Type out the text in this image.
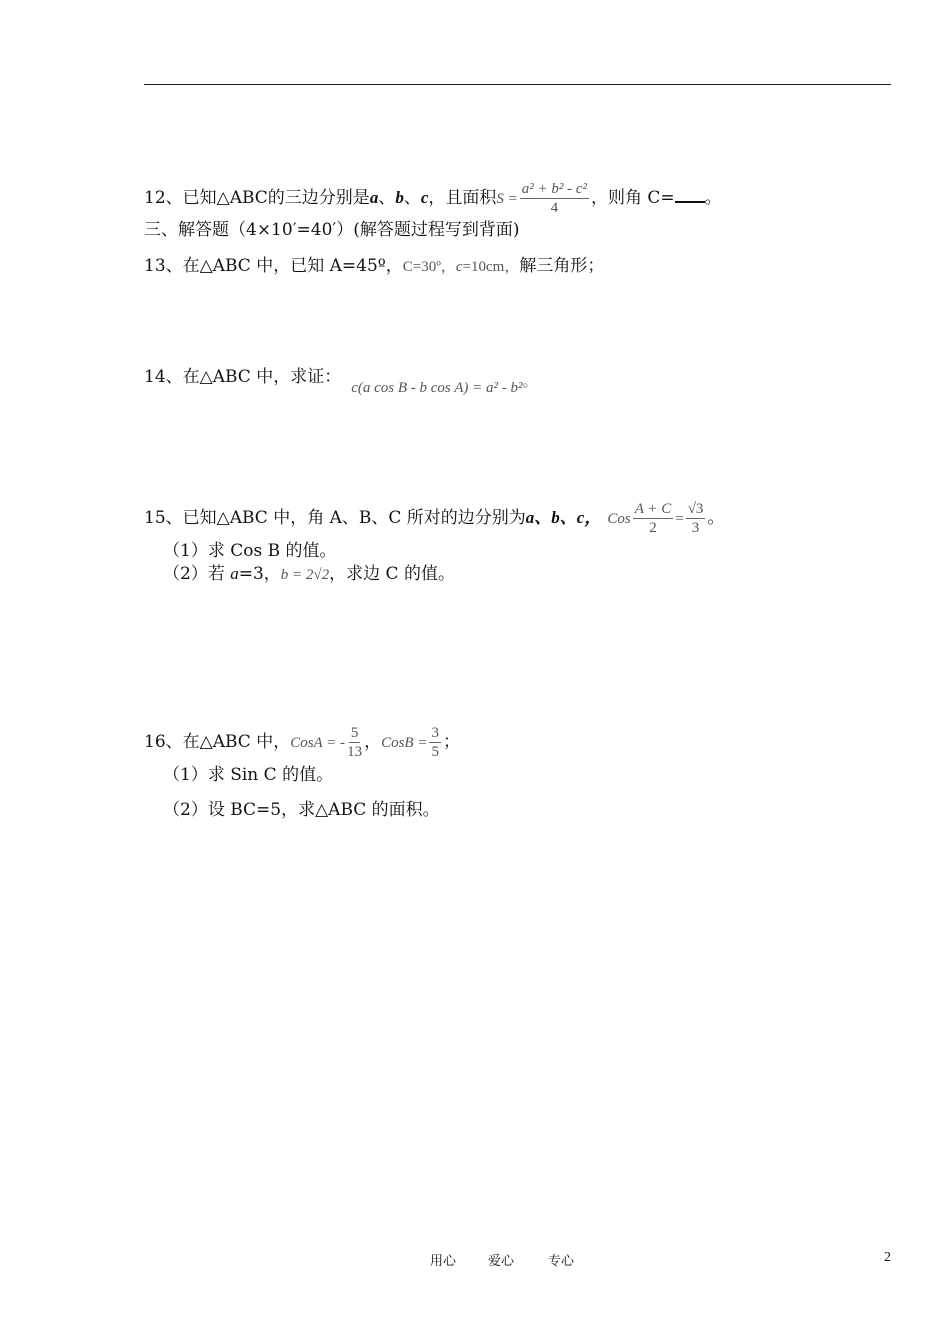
12、已知△ABC的三边分别是a、b、c，且面积$S = \frac{\text{a² + b² - c²}}{4}$ ，则角 C= 。
三、解答题（4×10′=40′）(解答题过程写到背面)
13、在△ABC 中，已知 A=45º，C=30º，c=10cm，解三角形；
14、在△ABC 中，求证：c(a cos B - b cos A) = a² - b²。
15、已知△ABC 中，角 A、B、C 所对的边分别为a、b、c， Cos $\frac{A + C}{2} = \frac{√3}{3}$ 。
（1）求 Cos B 的值。
（2）若 a=3，b = 2√2，求边 C 的值。
16、在△ABC 中，CosA = - $\frac{5}{13}$ ，CosB = $\frac{3}{5}$ ；
（1）求 Sin C 的值。
（2）设 BC=5，求△ABC 的面积。
用心 爱心	专心	2
